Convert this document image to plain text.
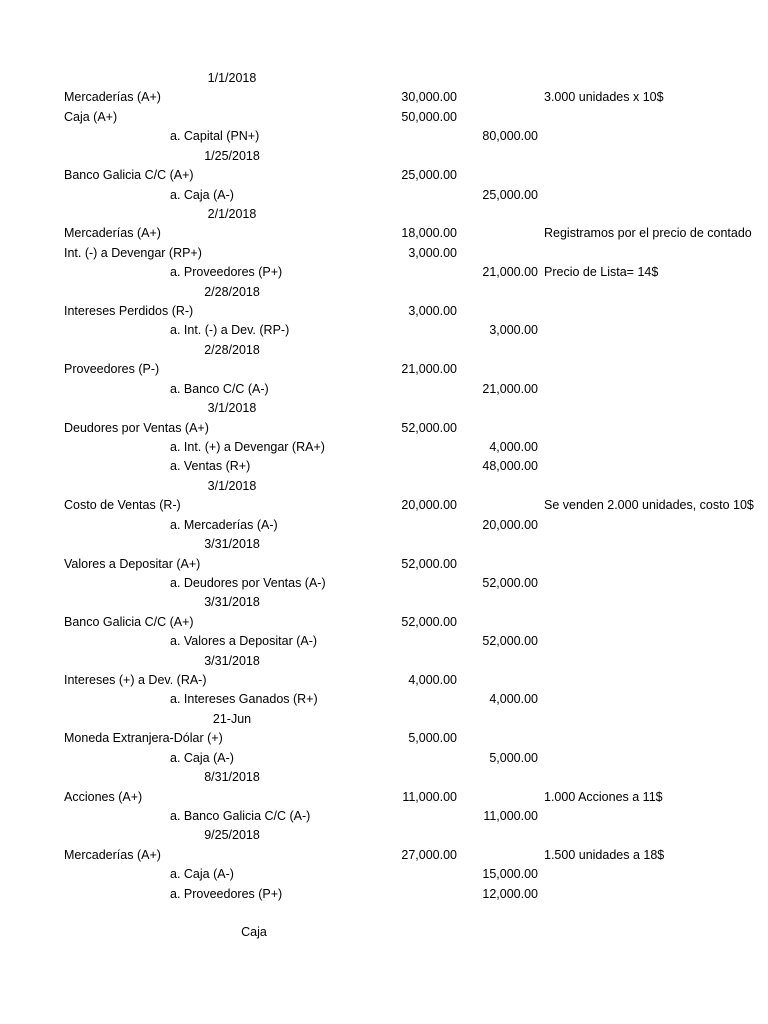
1/1/2018
Mercaderías (A+)	30,000.00	3.000 unidades x 10$
Caja (A+)	50,000.00
a. Capital (PN+)	80,000.00
1/25/2018
Banco Galicia C/C (A+)	25,000.00
a. Caja (A-)	25,000.00
2/1/2018
Mercaderías (A+)	18,000.00	Registramos por el precio de contado
Int. (-) a Devengar (RP+)	3,000.00
a. Proveedores (P+)	21,000.00 Precio de Lista= 14$
2/28/2018
Intereses Perdidos (R-)	3,000.00
a. Int. (-) a Dev. (RP-)	3,000.00
2/28/2018
Proveedores (P-)	21,000.00
a. Banco C/C (A-)	21,000.00
3/1/2018
Deudores por Ventas (A+)	52,000.00
a. Int. (+) a Devengar (RA+)	4,000.00
a. Ventas (R+)	48,000.00
3/1/2018
Costo de Ventas (R-)	20,000.00	Se venden 2.000 unidades, costo 10$
a. Mercaderías (A-)	20,000.00
3/31/2018
Valores a Depositar (A+)	52,000.00
a. Deudores por Ventas (A-)	52,000.00
3/31/2018
Banco Galicia C/C (A+)	52,000.00
a. Valores a Depositar (A-)	52,000.00
3/31/2018
Intereses (+) a Dev. (RA-)	4,000.00
a. Intereses Ganados (R+)	4,000.00
21-Jun
Moneda Extranjera-Dólar (+)	5,000.00
a. Caja (A-)	5,000.00
8/31/2018
Acciones (A+)	11,000.00	1.000 Acciones a 11$
a. Banco Galicia C/C (A-)	11,000.00
9/25/2018
Mercaderías (A+)	27,000.00	1.500 unidades a 18$
a. Caja (A-)	15,000.00
a. Proveedores (P+)	12,000.00
Caja
